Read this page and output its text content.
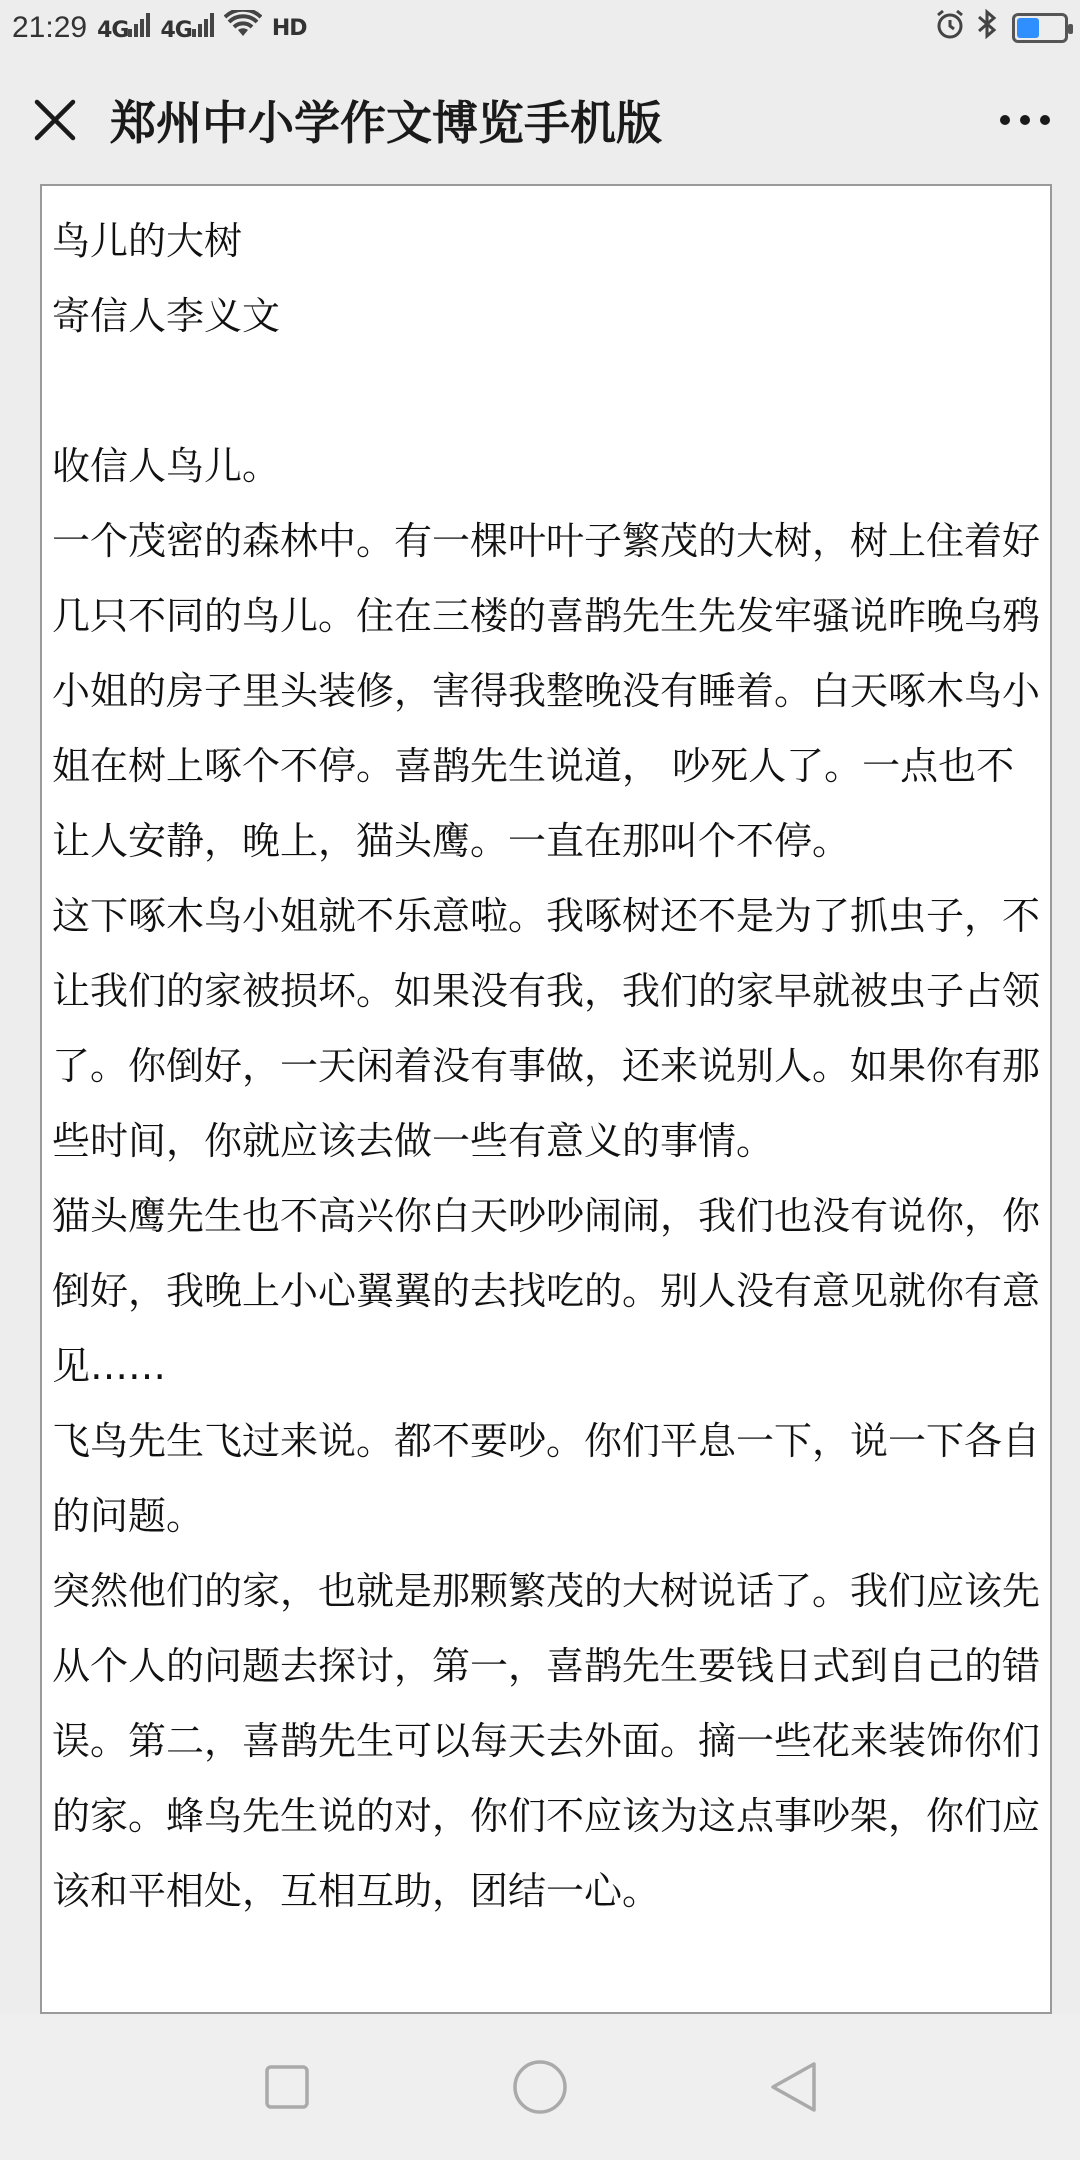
21:29 4G	4G	HD
郑州中小学作文博览手机版

鸟儿的大树

寄信人李义文

收信人鸟儿。

一个茂密的森林中。有一棵叶叶子繁茂的大树，树上住着好几只不同的鸟儿。住在三楼的喜鹊先生先发牢骚说昨晚乌鸦小姐的房子里头装修，害得我整晚没有睡着。白天啄木鸟小姐在树上啄个不停。喜鹊先生说道， 吵死人了。一点也不让人安静，晚上，猫头鹰。一直在那叫个不停。

这下啄木鸟小姐就不乐意啦。我啄树还不是为了抓虫子，不让我们的家被损坏。如果没有我，我们的家早就被虫子占领了。你倒好，一天闲着没有事做，还来说别人。如果你有那些时间，你就应该去做一些有意义的事情。

猫头鹰先生也不高兴你白天吵吵闹闹，我们也没有说你，你倒好，我晚上小心翼翼的去找吃的。别人没有意见就你有意见……

飞鸟先生飞过来说。都不要吵。你们平息一下，说一下各自的问题。

突然他们的家，也就是那颗繁茂的大树说话了。我们应该先从个人的问题去探讨，第一，喜鹊先生要钱日式到自己的错误。第二，喜鹊先生可以每天去外面。摘一些花来装饰你们的家。蜂鸟先生说的对，你们不应该为这点事吵架，你们应该和平相处，互相互助，团结一心。
